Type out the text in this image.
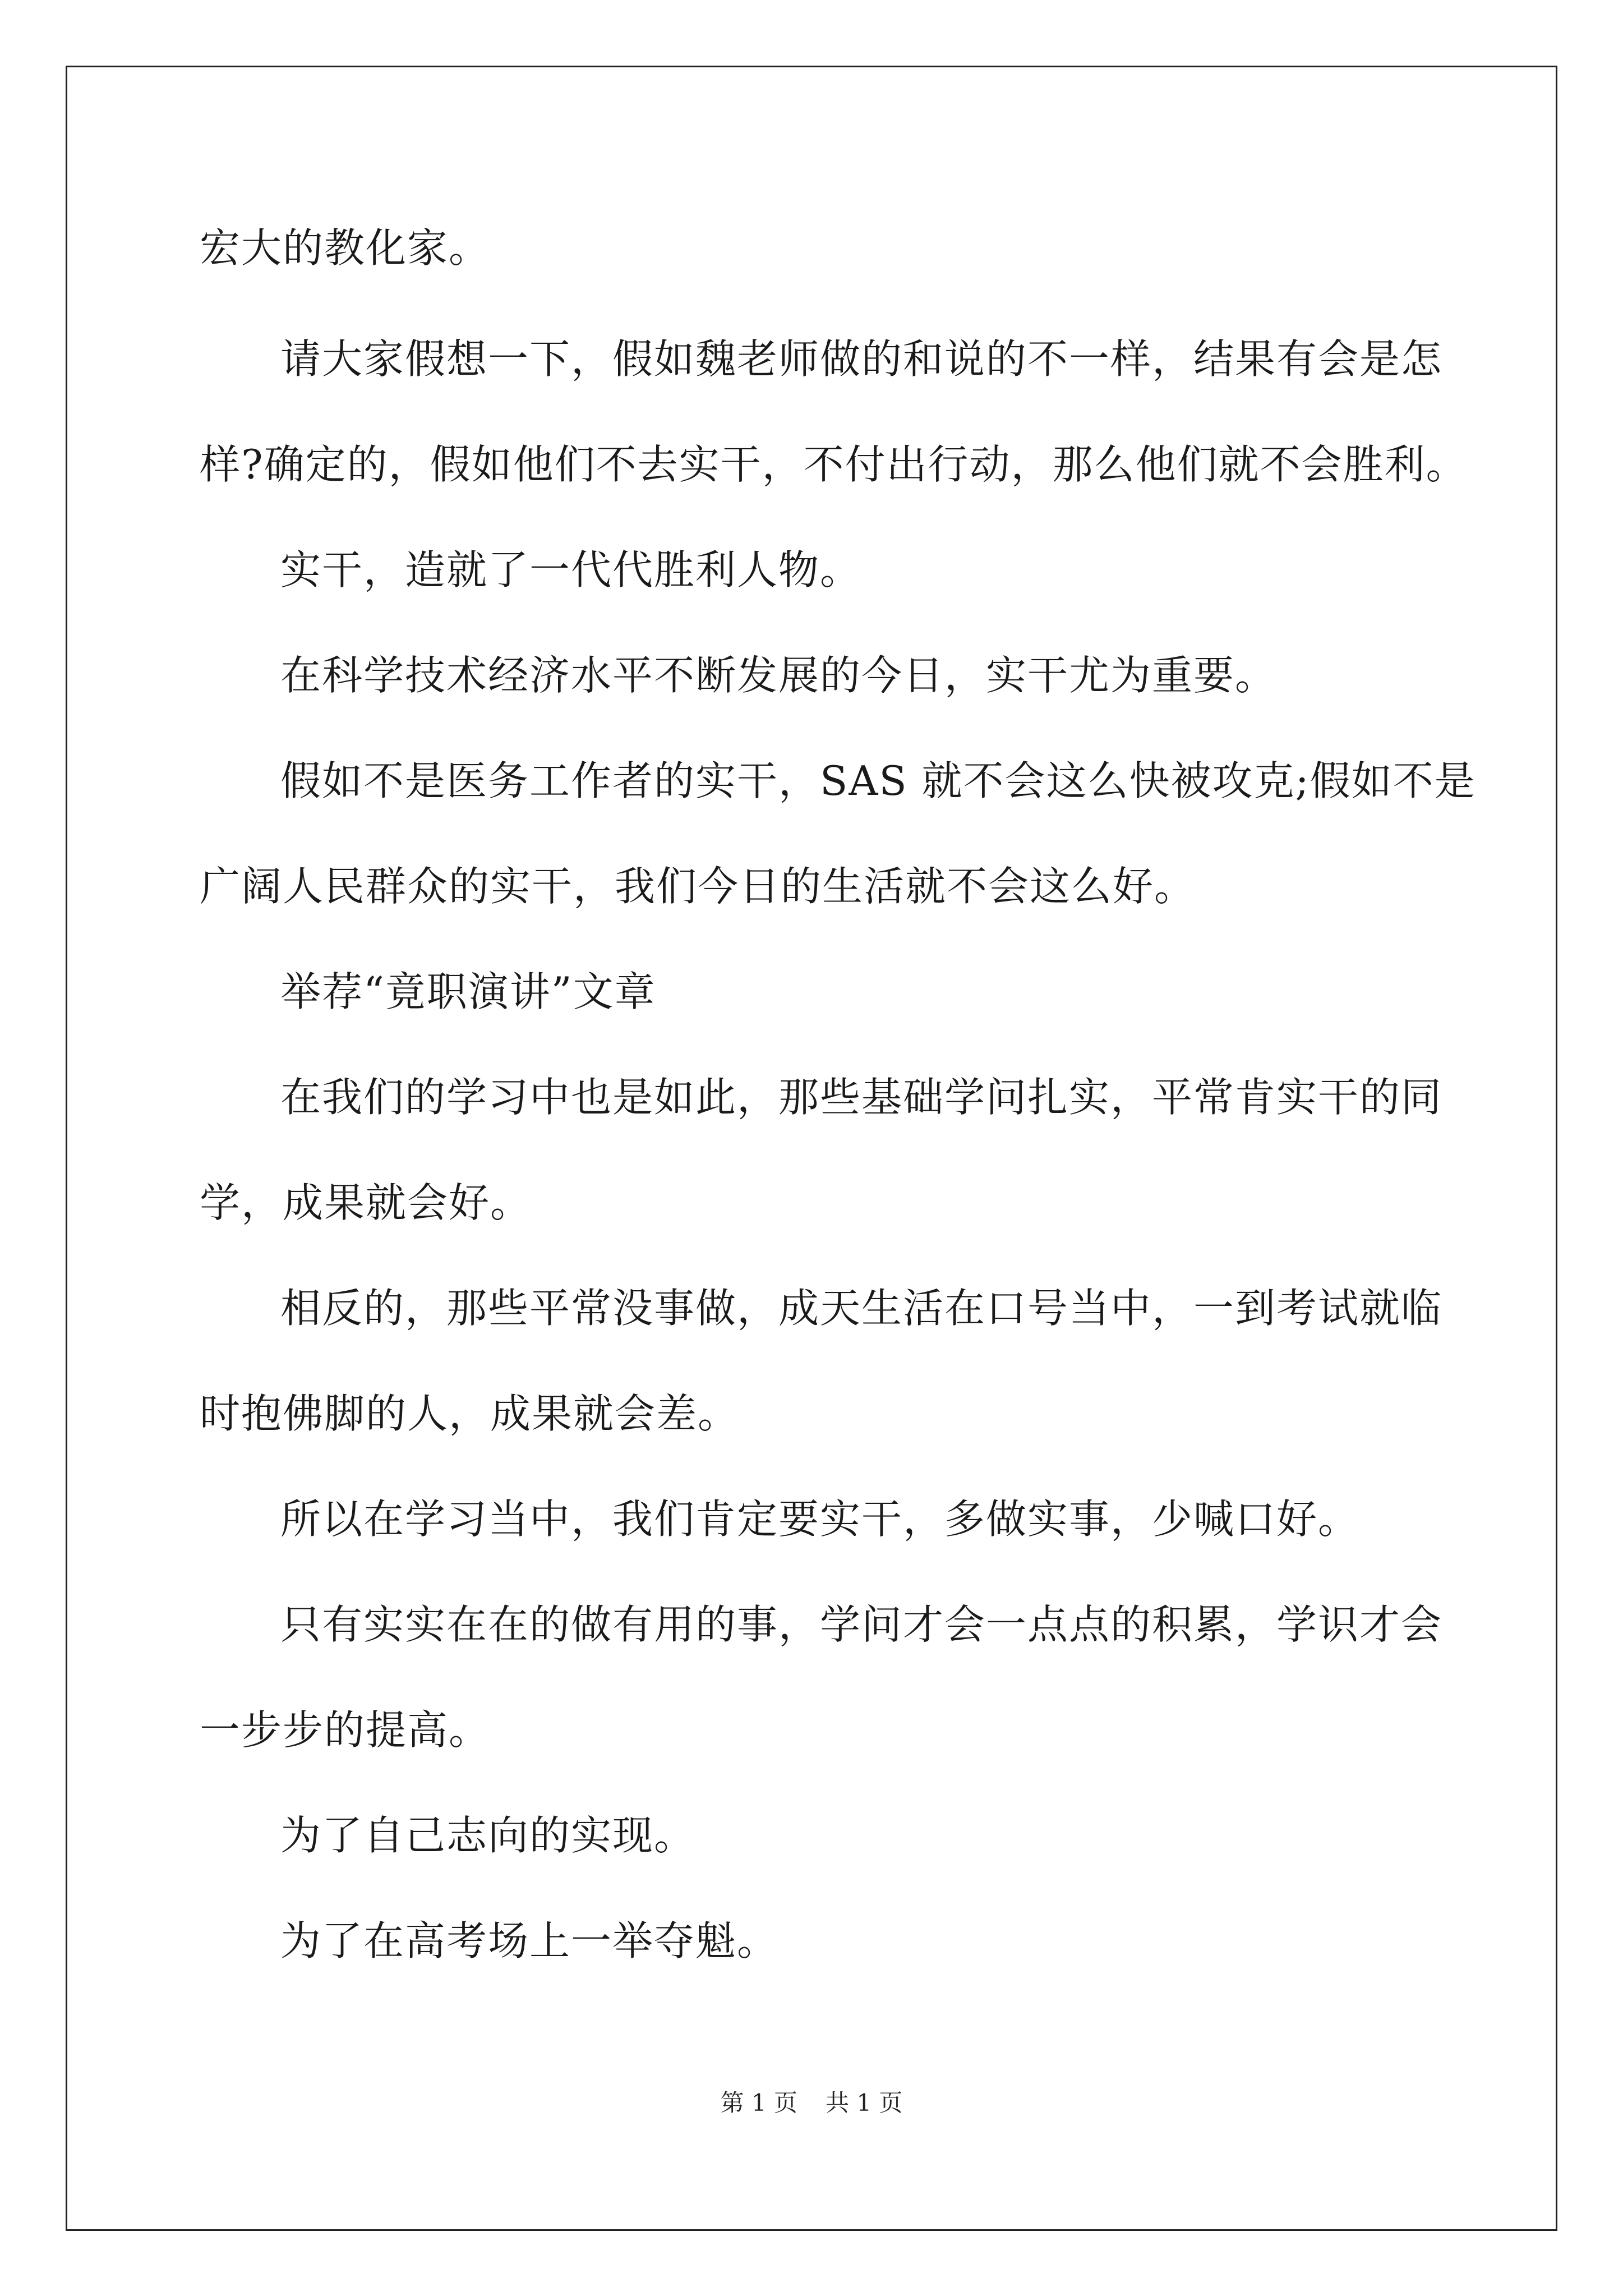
宏大的教化家。

请大家假想一下，假如魏老师做的和说的不一样，结果有会是怎

样?确定的，假如他们不去实干，不付出行动，那么他们就不会胜利。

实干，造就了一代代胜利人物。

在科学技术经济水平不断发展的今日，实干尤为重要。

假如不是医务工作者的实干，SAS 就不会这么快被攻克;假如不是

广阔人民群众的实干，我们今日的生活就不会这么好。

举荐“竟职演讲”文章

在我们的学习中也是如此，那些基础学问扎实，平常肯实干的同

学，成果就会好。

相反的，那些平常没事做，成天生活在口号当中，一到考试就临

时抱佛脚的人，成果就会差。

所以在学习当中，我们肯定要实干，多做实事，少喊口好。

只有实实在在的做有用的事，学问才会一点点的积累，学识才会

一步步的提高。

为了自己志向的实现。

为了在高考场上一举夺魁。

第 1 页 共 1 页
